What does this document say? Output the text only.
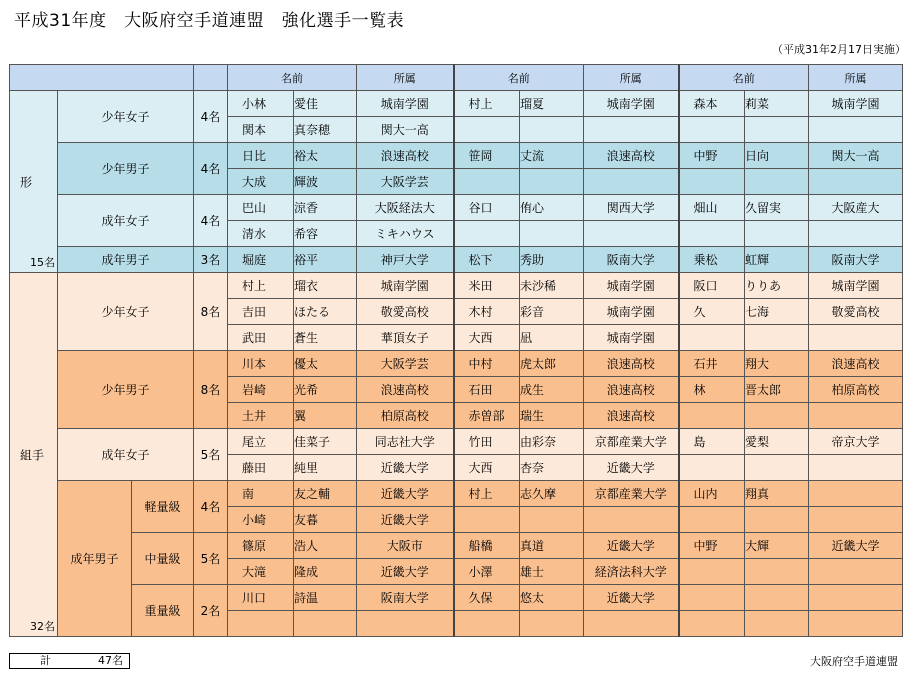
平成31年度　大阪府空手道連盟　強化選手一覧表
（平成31年2月17日実施）
				名前		所属	名前		所属	名前		所属

形
15名	少年女子		4名	小林	愛佳	城南学園	村上	瑠夏	城南学園	森本	莉菜	城南学園
				関本	真奈穂	関大一高						
	少年男子		4名	日比	裕太	浪速高校	笹岡	丈流	浪速高校	中野	日向	関大一高
				大成	輝波	大阪学芸						
	成年女子		4名	巴山	涼香	大阪経法大	谷口	侑心	関西大学	畑山	久留実	大阪産大
				清水	希容	ミキハウス						
	成年男子		3名	堀庭	裕平	神戸大学	松下	秀助	阪南大学	乗松	虹輝	阪南大学

組手
32名	少年女子		8名	村上	瑠衣	城南学園	米田	未沙稀	城南学園	阪口	りりあ	城南学園
				吉田	ほたる	敬愛高校	木村	彩音	城南学園	久	七海	敬愛高校
				武田	蒼生	華頂女子	大西	凪	城南学園			
	少年男子		8名	川本	優太	大阪学芸	中村	虎太郎	浪速高校	石井	翔大	浪速高校
				岩崎	光希	浪速高校	石田	成生	浪速高校	林	晋太郎	柏原高校
				土井	翼	柏原高校	赤曽部	瑞生	浪速高校			
	成年女子		5名	尾立	佳菜子	同志社大学	竹田	由彩奈	京都産業大学	島	愛梨	帝京大学
				藤田	純里	近畿大学	大西	杏奈	近畿大学			
	成年男子	軽量級	4名	南	友之輔	近畿大学	村上	志久摩	京都産業大学	山内	翔真	
				小崎	友暮	近畿大学						
		中量級	5名	篠原	浩人	大阪市	船橋	真道	近畿大学	中野	大輝	近畿大学
				大滝	隆成	近畿大学	小澤	雄士	経済法科大学			
		重量級	2名	川口	詩温	阪南大学	久保	悠太	近畿大学			

計	47名	大阪府空手道連盟
